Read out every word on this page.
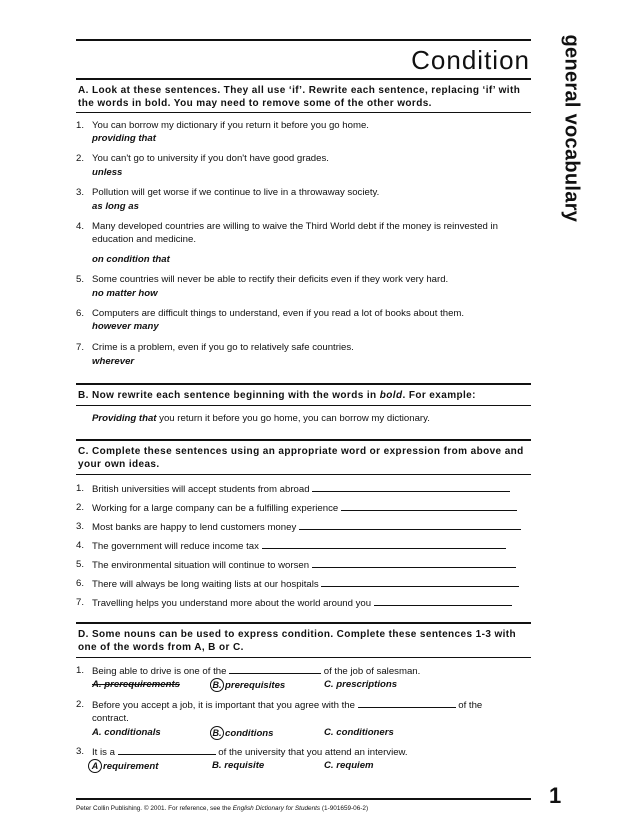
Condition general vocabulary
A. Look at these sentences. They all use ‘if’. Rewrite each sentence, replacing ‘if’ with the words in bold. You may need to remove some of the other words.
1. You can borrow my dictionary if you return it before you go home.
providing that
2. You can't go to university if you don't have good grades.
unless
3. Pollution will get worse if we continue to live in a throwaway society.
as long as
4. Many developed countries are willing to waive the Third World debt if the money is reinvested in education and medicine.
on condition that
5. Some countries will never be able to rectify their deficits even if they work very hard.
no matter how
6. Computers are difficult things to understand, even if you read a lot of books about them.
however many
7. Crime is a problem, even if you go to relatively safe countries.
wherever
B. Now rewrite each sentence beginning with the words in bold. For example:
Providing that you return it before you go home, you can borrow my dictionary.
C. Complete these sentences using an appropriate word or expression from above and your own ideas.
1. British universities will accept students from abroad
2. Working for a large company can be a fulfilling experience
3. Most banks are happy to lend customers money
4. The government will reduce income tax
5. The environmental situation will continue to worsen
6. There will always be long waiting lists at our hospitals
7. Travelling helps you understand more about the world around you
D. Some nouns can be used to express condition. Complete these sentences 1-3 with one of the words from A, B or C.
1. Being able to drive is one of the	of the job of salesman.
A. prerequirements	B. prerequisites	C. prescriptions
2. Before you accept a job, it is important that you agree with the	of the
contract.
A. conditionals	B. conditions	C. conditioners
3. It is a	of the university that you attend an interview.
A requirement	B. requisite	C. requiem
1
Peter Collin Publishing. © 2001. For reference, see the English Dictionary for Students (1-901659-06-2)
